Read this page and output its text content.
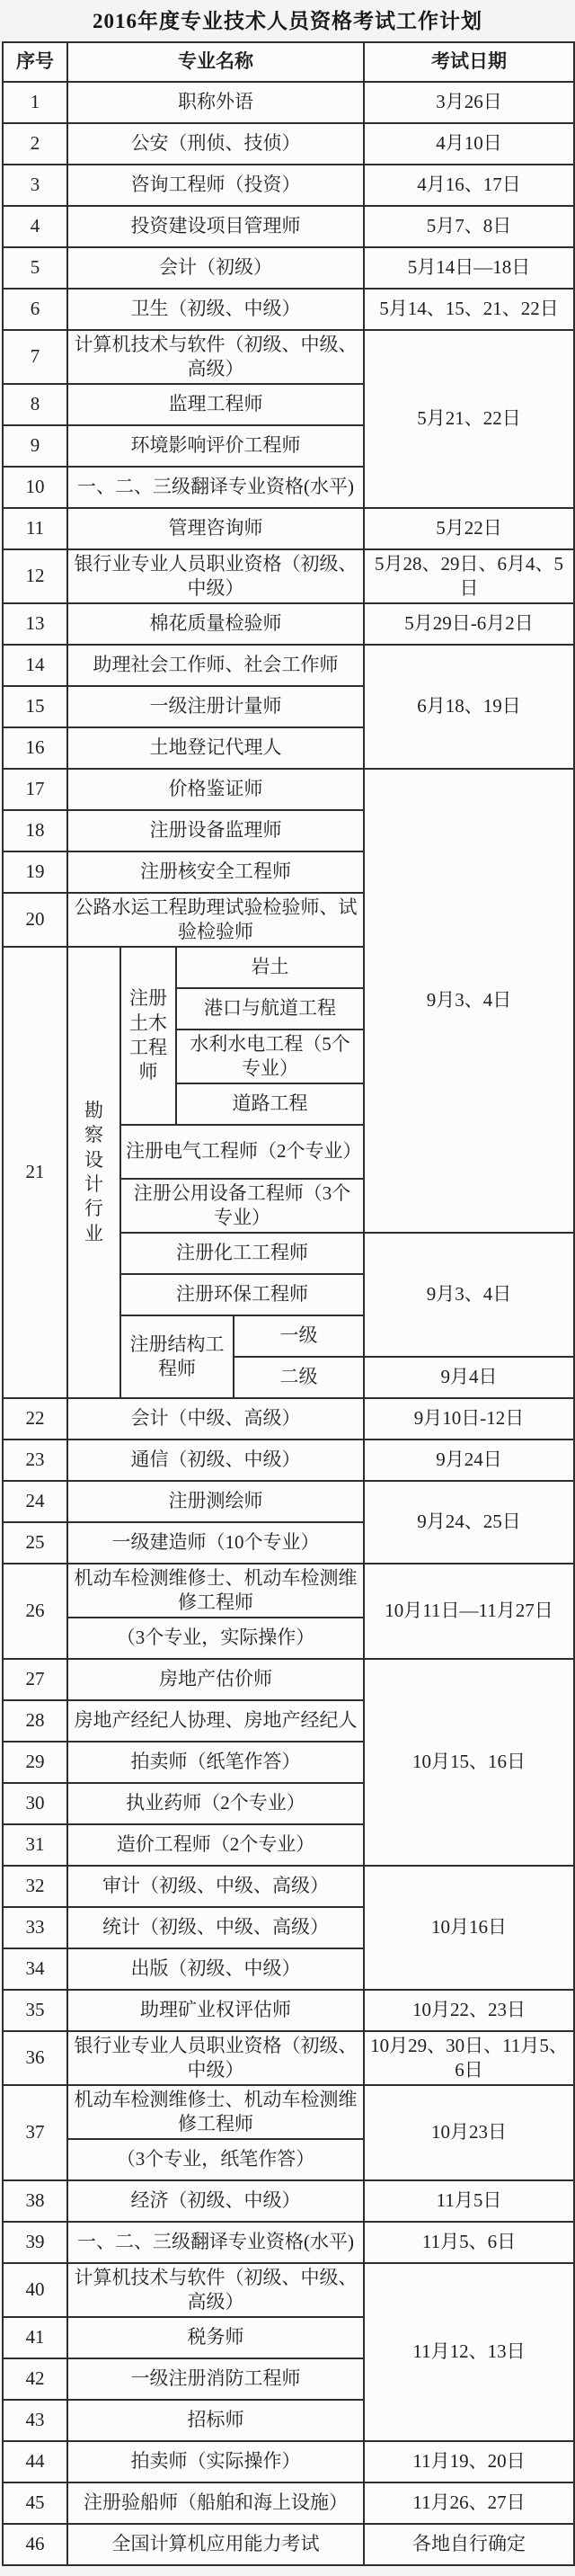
2016年度专业技术人员资格考试工作计划
序号	专业名称				考试日期
1	职称外语				3月26日
2	公安（刑侦、技侦）				4月10日
3	咨询工程师（投资）				4月16、17日
4	投资建设项目管理师				5月7、8日
5	会计（初级）				5月14日—18日
6	卫生（初级、中级）				5月14、15、21、22日
7	计算机技术与软件（初级、中级、高级）				5月21、22日
8	监理工程师				
9	环境影响评价工程师				
10	一、二、三级翻译专业资格(水平)				
11	管理咨询师				5月22日
12	银行业专业人员职业资格（初级、中级）				5月28、29日、6月4、5日
13	棉花质量检验师				5月29日-6月2日
14	助理社会工作师、社会工作师				6月18、19日
15	一级注册计量师				
16	土地登记代理人				
17	价格鉴证师				9月3、4日
18	注册设备监理师				
19	注册核安全工程师				
20	公路水运工程助理试验检验师、试验检验师				
21	勘察设计行业	注册土木工程师	岩土		
			港口与航道工程		
			水利水电工程（5个专业）		
			道路工程		
		注册电气工程师（2个专业）			
		注册公用设备工程师（3个专业）			
		注册化工工程师			9月3、4日
		注册环保工程师			
		注册结构工程师		一级	
				二级	9月4日
22	会计（中级、高级）				9月10日-12日
23	通信（初级、中级）				9月24日
24	注册测绘师				9月24、25日
25	一级建造师（10个专业）				
26	机动车检测维修士、机动车检测维修工程师				10月11日—11月27日
	（3个专业，实际操作）				
27	房地产估价师				10月15、16日
28	房地产经纪人协理、房地产经纪人				
29	拍卖师（纸笔作答）				
30	执业药师（2个专业）				
31	造价工程师（2个专业）				
32	审计（初级、中级、高级）				10月16日
33	统计（初级、中级、高级）				
34	出版（初级、中级）				
35	助理矿业权评估师				10月22、23日
36	银行业专业人员职业资格（初级、中级）				10月29、30日、11月5、6日
37	机动车检测维修士、机动车检测维修工程师				10月23日
	（3个专业，纸笔作答）				
38	经济（初级、中级）				11月5日
39	一、二、三级翻译专业资格(水平)				11月5、6日
40	计算机技术与软件（初级、中级、高级）				11月12、13日
41	税务师				
42	一级注册消防工程师				
43	招标师				
44	拍卖师（实际操作）				11月19、20日
45	注册验船师（船舶和海上设施）				11月26、27日
46	全国计算机应用能力考试				各地自行确定
